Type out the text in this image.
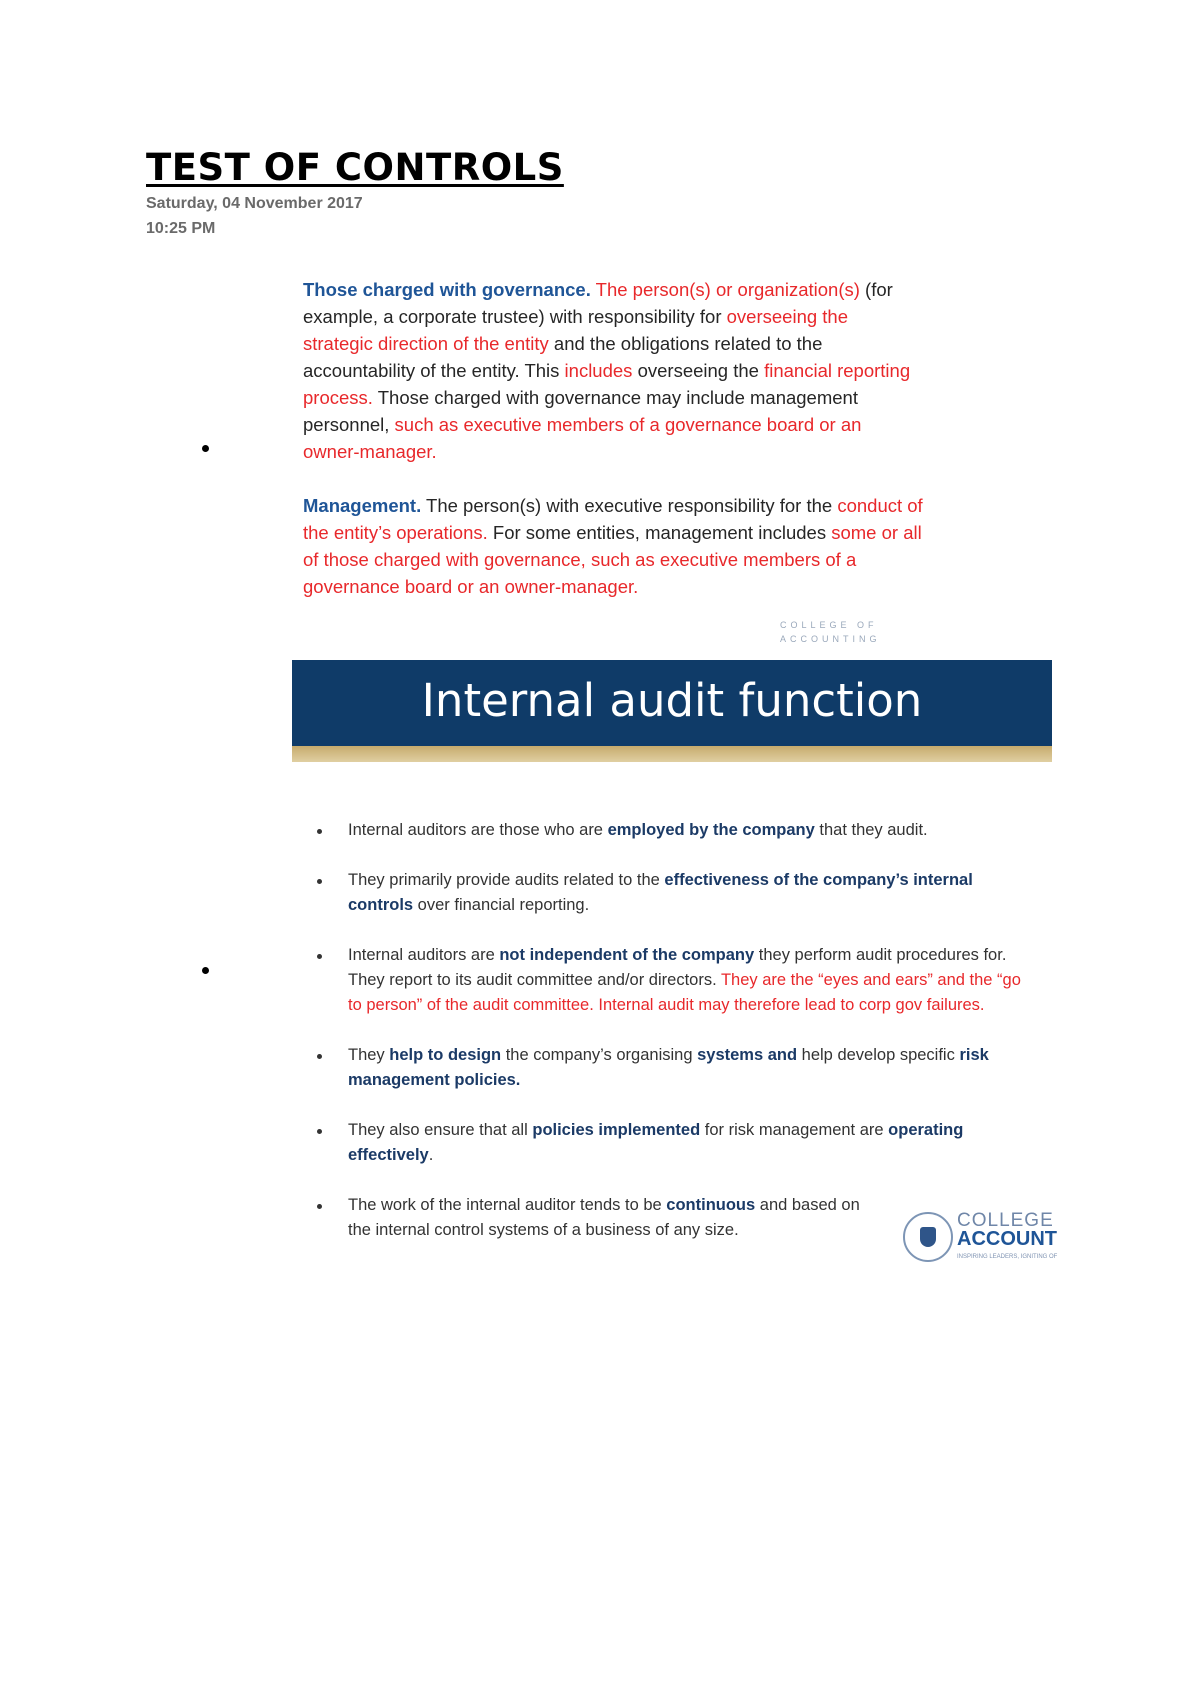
TEST OF CONTROLS
Saturday, 04 November 2017
10:25 PM

Those charged with governance. The person(s) or organization(s) (for example, a corporate trustee) with responsibility for overseeing the strategic direction of the entity and the obligations related to the accountability of the entity. This includes overseeing the financial reporting process. Those charged with governance may include management personnel, such as executive members of a governance board or an owner-manager.

Management. The person(s) with executive responsibility for the conduct of the entity’s operations. For some entities, management includes some or all of those charged with governance, such as executive members of a governance board or an owner-manager.

COLLEGE OF ACCOUNTING
Internal audit function
Internal auditors are those who are employed by the company that they audit.
They primarily provide audits related to the effectiveness of the company’s internal controls over financial reporting.
Internal auditors are not independent of the company they perform audit procedures for. They report to its audit committee and/or directors. They are the “eyes and ears” and the “go to person” of the audit committee. Internal audit may therefore lead to corp gov failures.
They help to design the company’s organising systems and help develop specific risk management policies.
They also ensure that all policies implemented for risk management are operating effectively.
The work of the internal auditor tends to be continuous and based on the internal control systems of a business of any size.	COLLEGE
ACCOUNT
INSPIRING LEADERS, IGNITING OF
